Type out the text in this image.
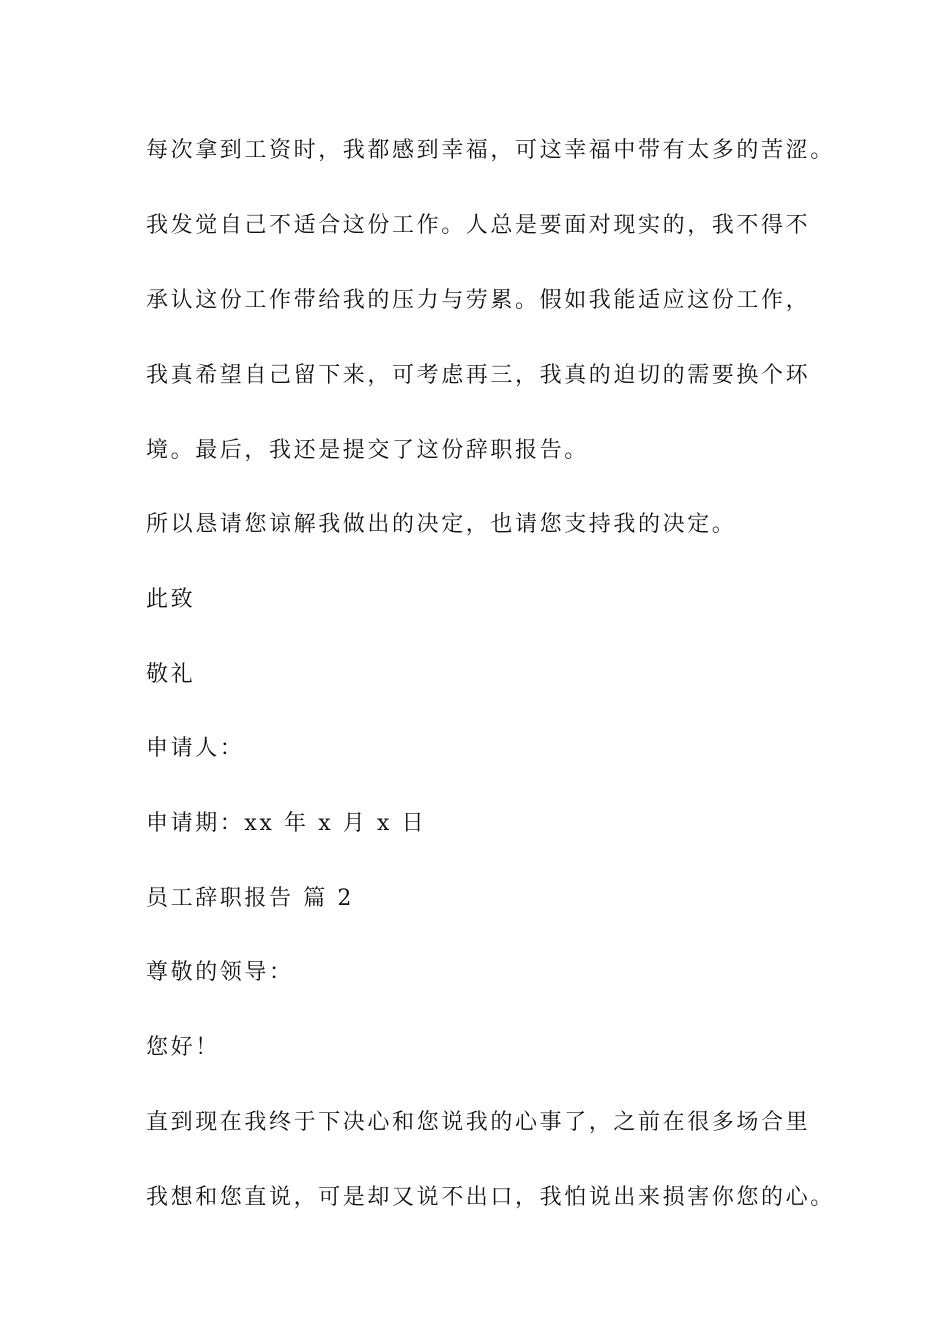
每次拿到工资时，我都感到幸福，可这幸福中带有太多的苦涩。
我发觉自己不适合这份工作。人总是要面对现实的，我不得不
承认这份工作带给我的压力与劳累。假如我能适应这份工作，
我真希望自己留下来，可考虑再三，我真的迫切的需要换个环
境。最后，我还是提交了这份辞职报告。
所以恳请您谅解我做出的决定，也请您支持我的决定。
此致
敬礼
申请人：
申请期：xx 年 x 月 x 日
员工辞职报告 篇 2
尊敬的领导：
您好！
直到现在我终于下决心和您说我的心事了，之前在很多场合里
我想和您直说，可是却又说不出口，我怕说出来损害你您的心。
